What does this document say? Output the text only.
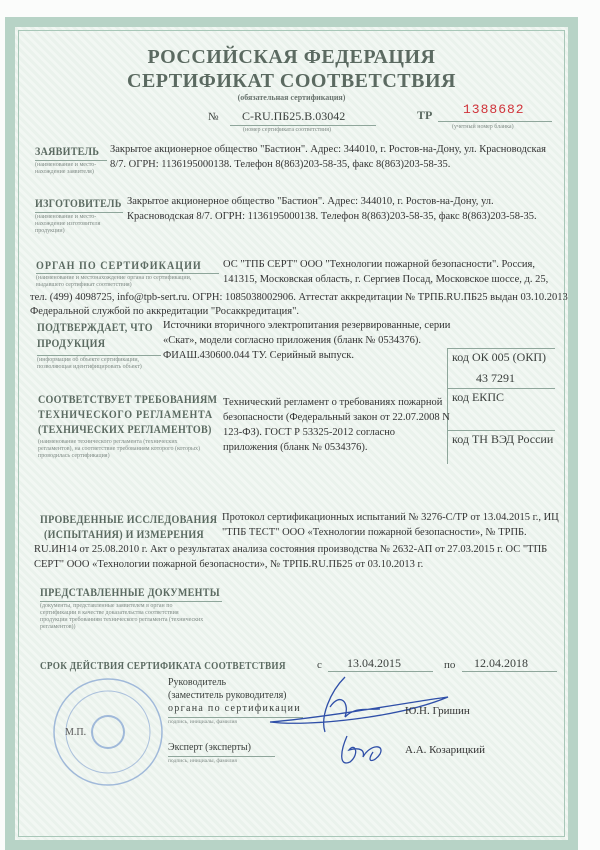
РОССИЙСКАЯ ФЕДЕРАЦИЯ
СЕРТИФИКАТ СООТВЕТСТВИЯ
(обязательная сертификация)
№ C-RU.ПБ25.B.03042
(номер сертификата соответствия)
ТР 1388682
(учетный номер бланка)
ЗАЯВИТЕЛЬ
(наименование и место-нахождение заявителя)
Закрытое акционерное общество "Бастион". Адрес: 344010, г. Ростов-на-Дону, ул. Красноводская
8/7. ОГРН: 1136195000138. Телефон 8(863)203-58-35, факс 8(863)203-58-35.
ИЗГОТОВИТЕЛЬ
(наименование и место-нахождение изготовителя продукции)
Закрытое акционерное общество "Бастион". Адрес: 344010, г. Ростов-на-Дону, ул.
Красноводская 8/7. ОГРН: 1136195000138. Телефон 8(863)203-58-35, факс 8(863)203-58-35.
ОРГАН ПО СЕРТИФИКАЦИИ
(наименование и местонахождение органа по сертификации, выдавшего сертификат соответствия)
ОС "ТПБ СЕРТ" ООО "Технологии пожарной безопасности". Россия,
141315, Московская область, г. Сергиев Посад, Московское шоссе, д. 25,
тел. (499) 4098725, info@tpb-sert.ru. ОГРН: 1085038002906. Аттестат аккредитации № ТРПБ.RU.ПБ25 выдан 03.10.2013
Федеральной службой по аккредитации "Росаккредитация".
ПОДТВЕРЖДАЕТ, ЧТО
ПРОДУКЦИЯ
(информация об объекте сертификации, позволяющая идентифицировать объект)
Источники вторичного электропитания резервированные, серии
«Скат», модели согласно приложения (бланк № 0534376).
ФИАШ.430600.044 ТУ. Серийный выпуск.	код ОК 005 (ОКП)
43 7291
код ЕКПС
код ТН ВЭД России
СООТВЕТСТВУЕТ ТРЕБОВАНИЯМ
ТЕХНИЧЕСКОГО РЕГЛАМЕНТА
(ТЕХНИЧЕСКИХ РЕГЛАМЕНТОВ)
(наименование технического регламента (технических регламентов), на соответствие требованиям которого (которых) проводилась сертификация)
Технический регламент о требованиях пожарной
безопасности (Федеральный закон от 22.07.2008 N
123-ФЗ). ГОСТ Р 53325-2012 согласно
приложения (бланк № 0534376).
ПРОВЕДЕННЫЕ ИССЛЕДОВАНИЯ
(ИСПЫТАНИЯ) И ИЗМЕРЕНИЯ
Протокол сертификационных испытаний № 3276-С/ТР от 13.04.2015 г., ИЦ
"ТПБ ТЕСТ" ООО «Технологии пожарной безопасности», № ТРПБ.
RU.ИН14 от 25.08.2010 г. Акт о результатах анализа состояния производства № 2632-АП от 27.03.2015 г. ОС "ТПБ
СЕРТ" ООО «Технологии пожарной безопасности», № ТРПБ.RU.ПБ25 от 03.10.2013 г.
ПРЕДСТАВЛЕННЫЕ ДОКУМЕНТЫ
(документы, представленные заявителем в орган по сертификации в качестве доказательства соответствия продукции требованиям технического регламента (технических регламентов))
СРОК ДЕЙСТВИЯ СЕРТИФИКАТА СООТВЕТСТВИЯ	с 13.04.2015	по 12.04.2018
М.П.
Руководитель
(заместитель руководителя)
органа по сертификации
подпись, инициалы, фамилия
Ю.Н. Гришин
Эксперт (эксперты)
подпись, инициалы, фамилия
А.А. Козарицкий
